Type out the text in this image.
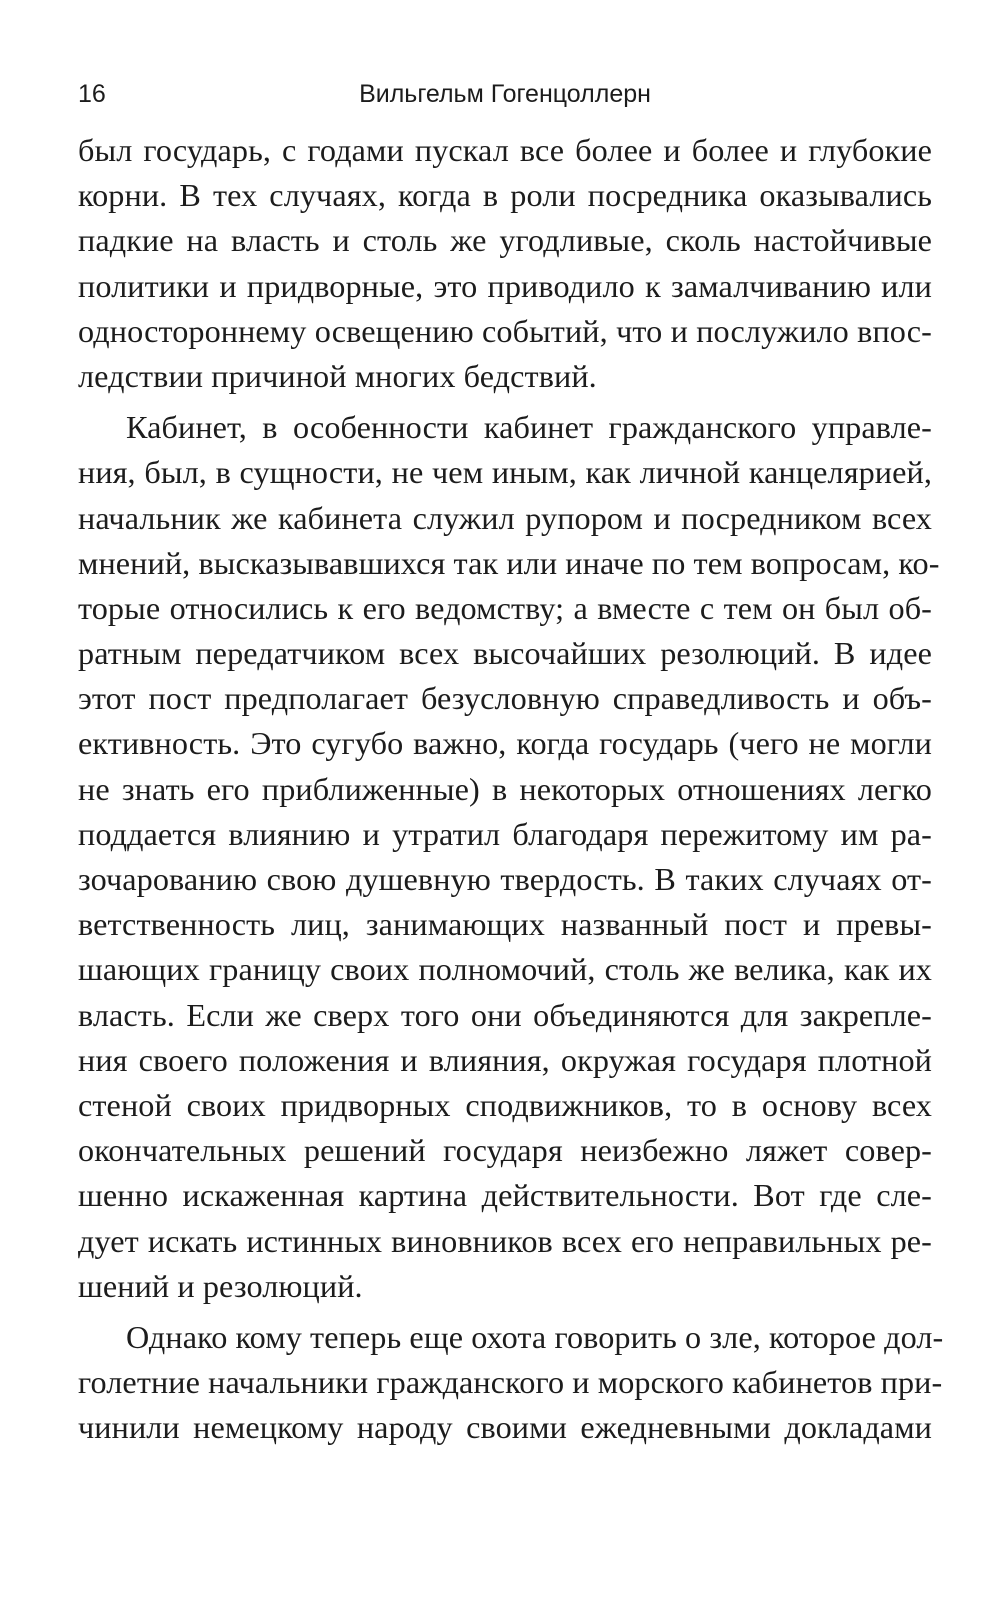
16	Вильгельм Гогенцоллерн
был государь, с годами пускал все более и более и глубокие
корни. В тех случаях, когда в роли посредника оказывались
падкие на власть и столь же угодливые, сколь настойчивые
политики и придворные, это приводило к замалчиванию или
одностороннему освещению событий, что и послужило впос-
ледствии причиной многих бедствий.
Кабинет, в особенности кабинет гражданского управле-
ния, был, в сущности, не чем иным, как личной канцелярией,
начальник же кабинета служил рупором и посредником всех
мнений, высказывавшихся так или иначе по тем вопросам, ко-
торые относились к его ведомству; а вместе с тем он был об-
ратным передатчиком всех высочайших резолюций. В идее
этот пост предполагает безусловную справедливость и объ-
ективность. Это сугубо важно, когда государь (чего не могли
не знать его приближенные) в некоторых отношениях легко
поддается влиянию и утратил благодаря пережитому им ра-
зочарованию свою душевную твердость. В таких случаях от-
ветственность лиц, занимающих названный пост и превы-
шающих границу своих полномочий, столь же велика, как их
власть. Если же сверх того они объединяются для закрепле-
ния своего положения и влияния, окружая государя плотной
стеной своих придворных сподвижников, то в основу всех
окончательных решений государя неизбежно ляжет совер-
шенно искаженная картина действительности. Вот где сле-
дует искать истинных виновников всех его неправильных ре-
шений и резолюций.
Однако кому теперь еще охота говорить о зле, которое дол-
голетние начальники гражданского и морского кабинетов при-
чинили немецкому народу своими ежедневными докладами
